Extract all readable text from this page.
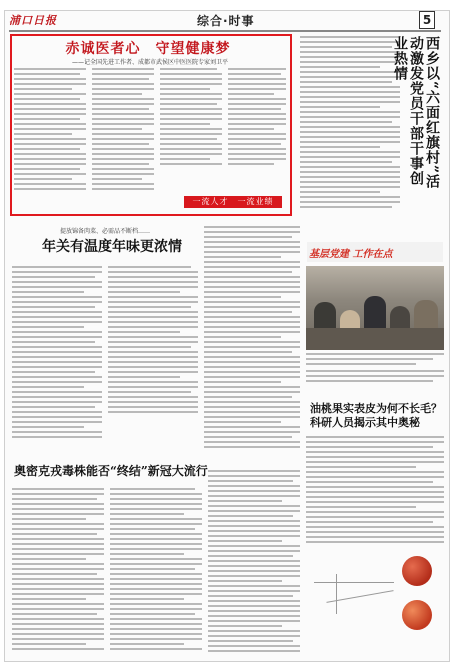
浦口日报	综合·时事	5
赤诚医者心　守望健康梦
——记全国先进工作者、成都市武侯区中医医院专家刘卫平
一流人才　一流业绩
西乡以“六面红旗村”活动激发党员干部干事创业热情
提放锦备肉菜、必需品不断档……
年关有温度年味更浓情	基层党建 工作在点
奥密克戎毒株能否“终结”新冠大流行
油桃果实表皮为何不长毛？科研人员揭示其中奥秘
